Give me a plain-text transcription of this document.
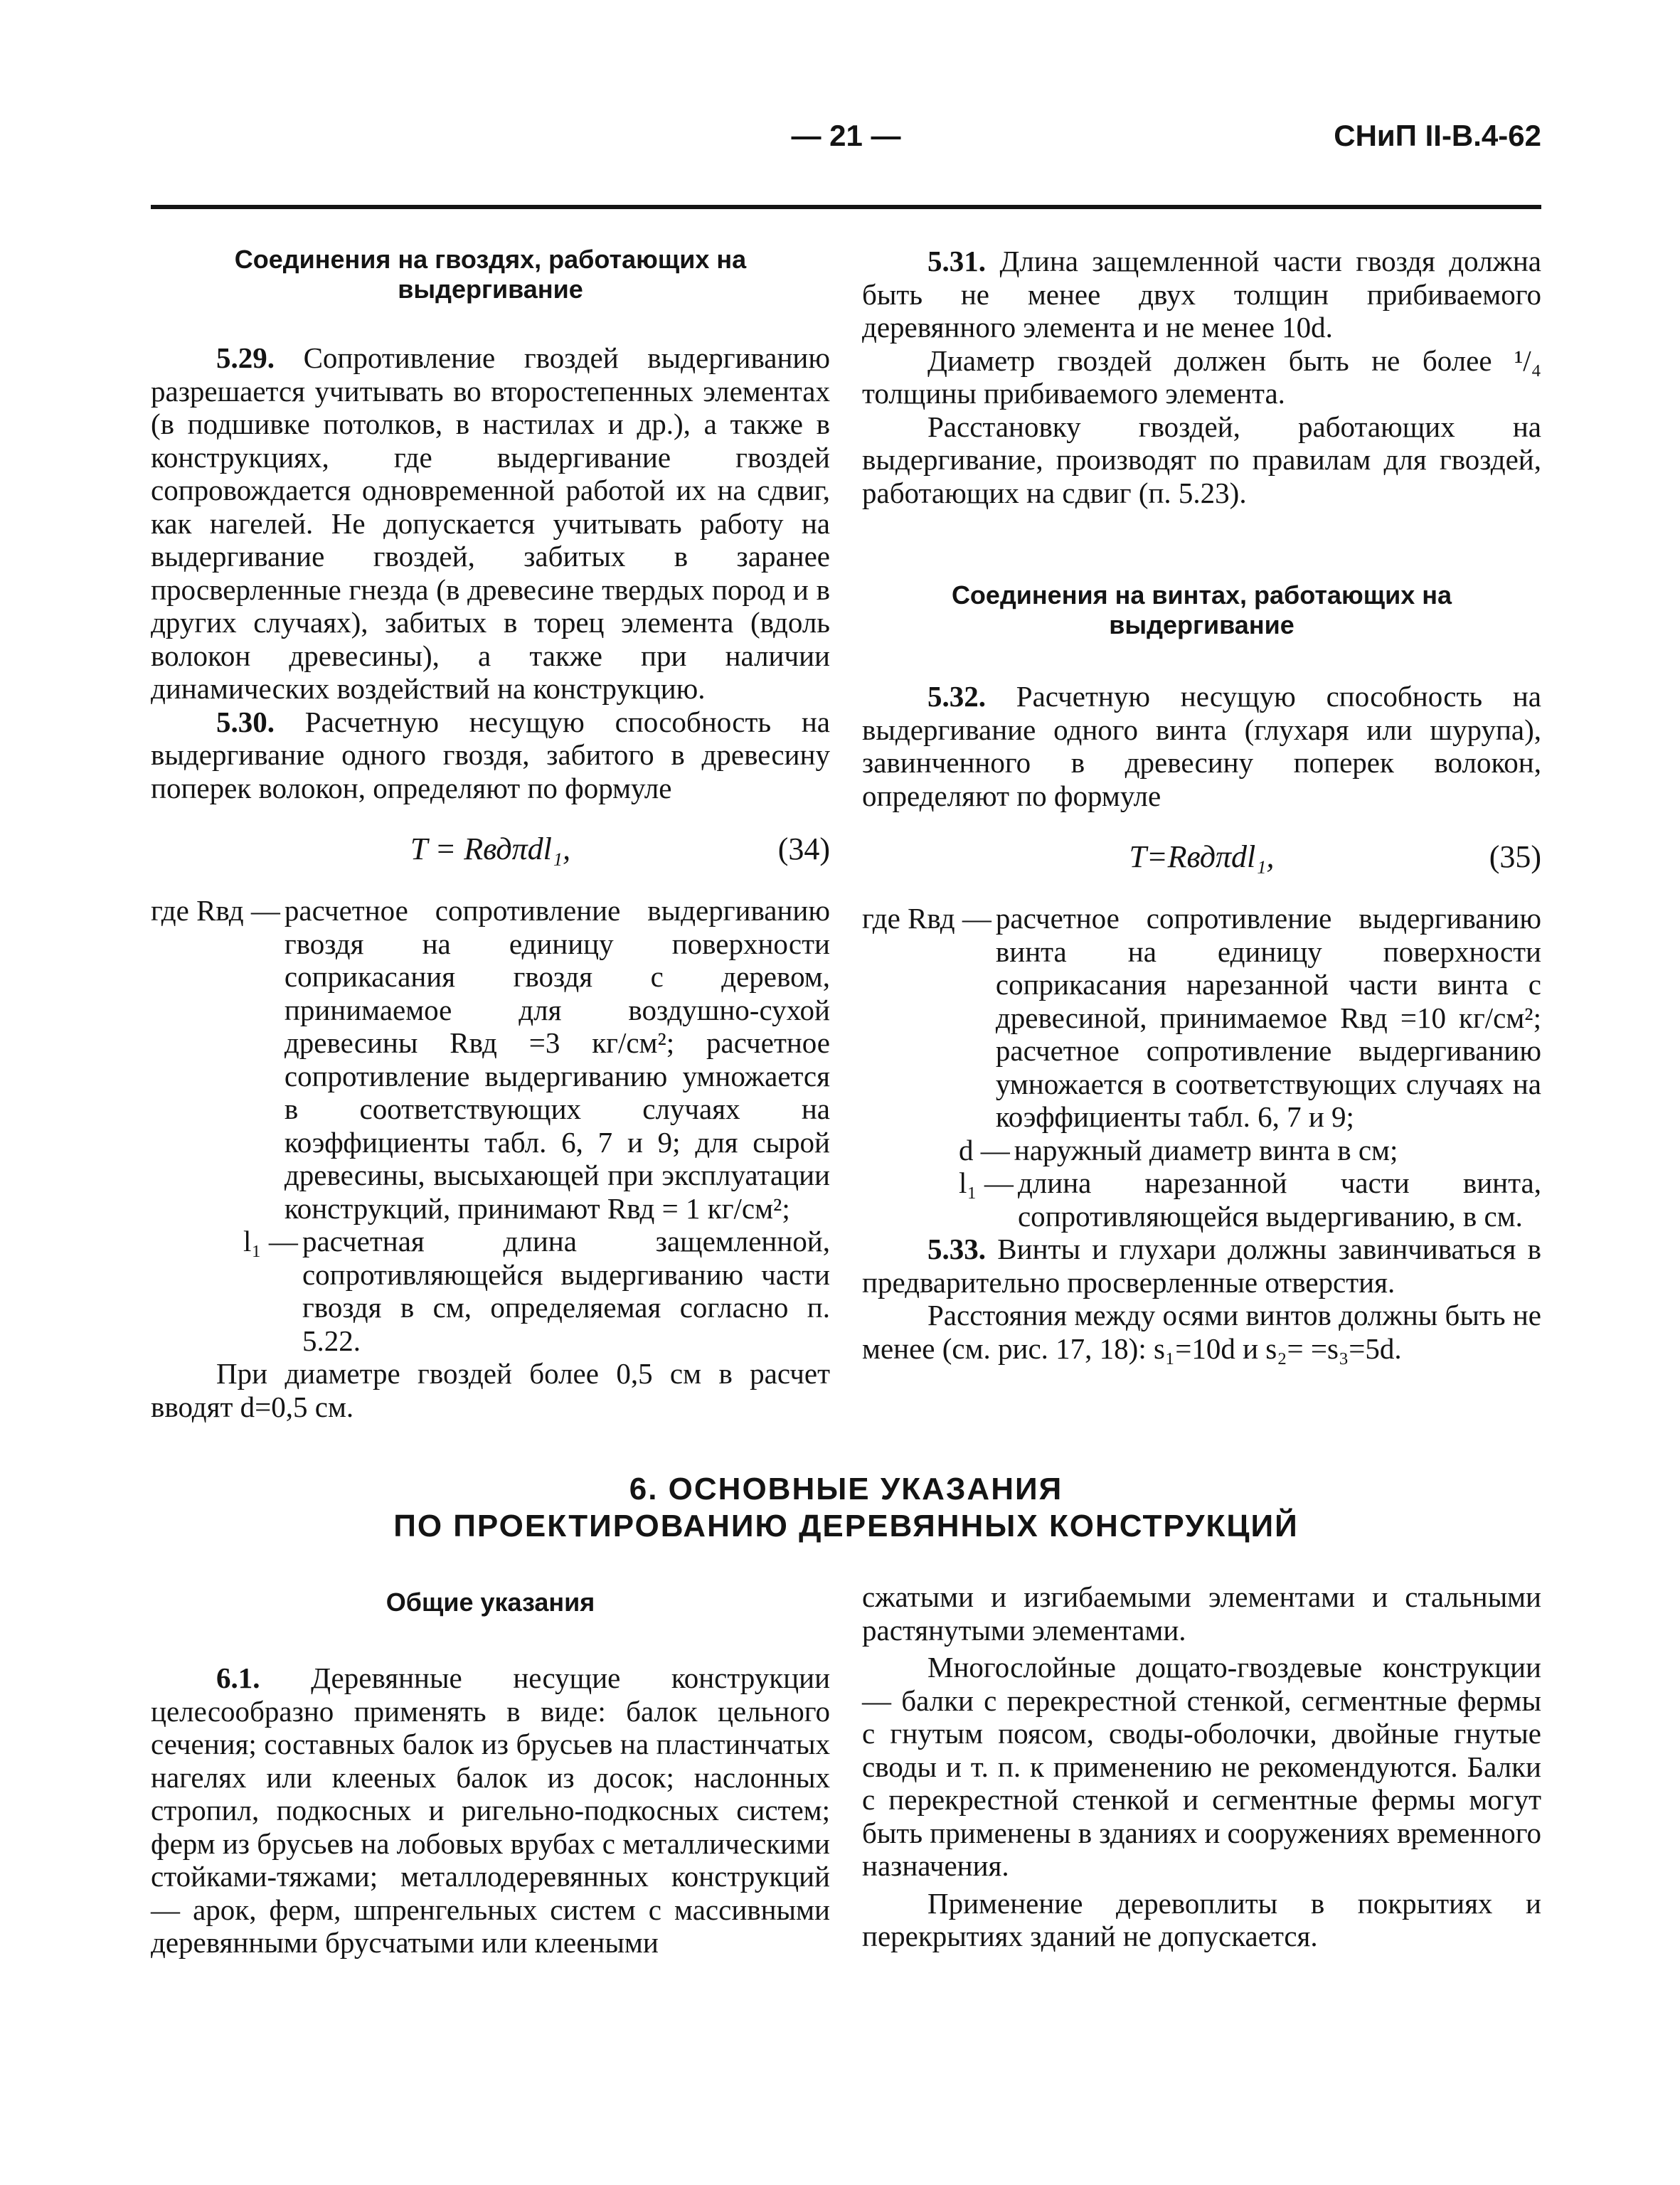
— 21 —	СНиП II-В.4-62
Соединения на гвоздях, работающих на выдергивание

5.29. Сопротивление гвоздей выдергиванию разрешается учитывать во второстепенных элементах (в подшивке потолков, в настилах и др.), а также в конструкциях, где выдергивание гвоздей сопровождается одновременной работой их на сдвиг, как нагелей. Не допускается учитывать работу на выдергивание гвоздей, забитых в заранее просверленные гнезда (в древесине твердых пород и в других случаях), забитых в торец элемента (вдоль волокон древесины), а также при наличии динамических воздействий на конструкцию.

5.30. Расчетную несущую способность на выдергивание одного гвоздя, забитого в древесину поперек волокон, определяют по формуле

T = Rвдπdl₁,	(34)
где Rвд — расчетное сопротивление выдергиванию гвоздя на единицу поверхности соприкасания гвоздя с деревом, принимаемое для воздушно-сухой древесины Rвд =3 кг/см²; расчетное сопротивление выдергиванию умножается в соответствующих случаях на коэффициенты табл. 6, 7 и 9; для сырой древесины, высыхающей при эксплуатации конструкций, принимают Rвд = 1 кг/см²;
l₁ — расчетная длина защемленной, сопротивляющейся выдергиванию части гвоздя в см, определяемая согласно п. 5.22.

При диаметре гвоздей более 0,5 см в расчет вводят d=0,5 см.

5.31. Длина защемленной части гвоздя должна быть не менее двух толщин прибиваемого деревянного элемента и не менее 10d.

Диаметр гвоздей должен быть не более ¹/₄ толщины прибиваемого элемента.

Расстановку гвоздей, работающих на выдергивание, производят по правилам для гвоздей, работающих на сдвиг (п. 5.23).

Соединения на винтах, работающих на выдергивание

5.32. Расчетную несущую способность на выдергивание одного винта (глухаря или шурупа), завинченного в древесину поперек волокон, определяют по формуле

T=Rвдπdl₁,	(35)
где Rвд — расчетное сопротивление выдергиванию винта на единицу поверхности соприкасания нарезанной части винта с древесиной, принимаемое Rвд =10 кг/см²; расчетное сопротивление выдергиванию умножается в соответствующих случаях на коэффициенты табл. 6, 7 и 9;
d — наружный диаметр винта в см;
l₁ — длина нарезанной части винта, сопротивляющейся выдергиванию, в см.

5.33. Винты и глухари должны завинчиваться в предварительно просверленные отверстия.

Расстояния между осями винтов должны быть не менее (см. рис. 17, 18): s₁=10d и s₂= =s₃=5d.

6. ОСНОВНЫЕ УКАЗАНИЯ
ПО ПРОЕКТИРОВАНИЮ ДЕРЕВЯННЫХ КОНСТРУКЦИЙ
Общие указания

6.1. Деревянные несущие конструкции целесообразно применять в виде: балок цельного сечения; составных балок из брусьев на пластинчатых нагелях или клееных балок из досок; наслонных стропил, подкосных и ригельно-подкосных систем; ферм из брусьев на лобовых врубах с металлическими стойками-тяжами; металлодеревянных конструкций — арок, ферм, шпренгельных систем с массивными деревянными брусчатыми или клееными

сжатыми и изгибаемыми элементами и стальными растянутыми элементами.

Многослойные дощато-гвоздевые конструкции — балки с перекрестной стенкой, сегментные фермы с гнутым поясом, своды-оболочки, двойные гнутые своды и т. п. к применению не рекомендуются. Балки с перекрестной стенкой и сегментные фермы могут быть применены в зданиях и сооружениях временного назначения.

Применение деревоплиты в покрытиях и перекрытиях зданий не допускается.
